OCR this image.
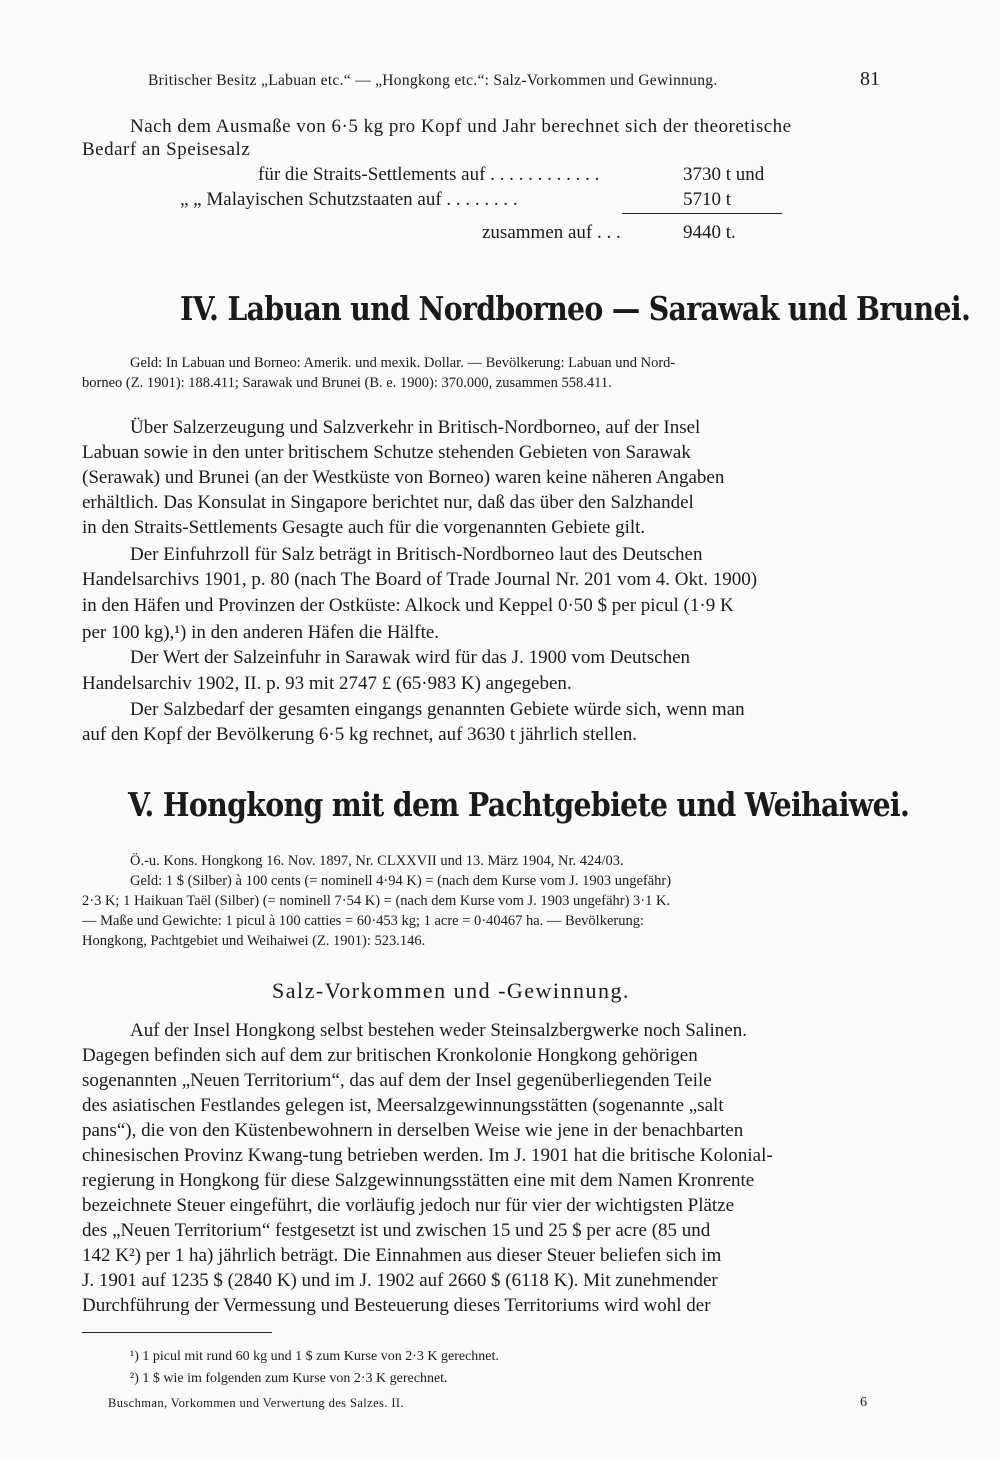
Britischer Besitz „Labuan etc.“ — „Hongkong etc.“: Salz-Vorkommen und Gewinnung.	81
Nach dem Ausmaße von 6·5 kg pro Kopf und Jahr berechnet sich der theoretische
Bedarf an Speisesalz
für die Straits-Settlements auf . . . . . . . . . . . .	3730 t und
„ „ Malayischen Schutzstaaten auf . . . . . . . .	5710 t
zusammen auf . . .	9440 t.
IV. Labuan und Nordborneo — Sarawak und Brunei.
Geld: In Labuan und Borneo: Amerik. und mexik. Dollar. — Bevölkerung: Labuan und Nord-
borneo (Z. 1901): 188.411; Sarawak und Brunei (B. e. 1900): 370.000, zusammen 558.411.
Über Salzerzeugung und Salzverkehr in Britisch-Nordborneo, auf der Insel
Labuan sowie in den unter britischem Schutze stehenden Gebieten von Sarawak
(Serawak) und Brunei (an der Westküste von Borneo) waren keine näheren Angaben
erhältlich. Das Konsulat in Singapore berichtet nur, daß das über den Salzhandel
in den Straits-Settlements Gesagte auch für die vorgenannten Gebiete gilt.
Der Einfuhrzoll für Salz beträgt in Britisch-Nordborneo laut des Deutschen
Handelsarchivs 1901, p. 80 (nach The Board of Trade Journal Nr. 201 vom 4. Okt. 1900)
in den Häfen und Provinzen der Ostküste: Alkock und Keppel 0·50 $ per picul (1·9 K
per 100 kg),¹) in den anderen Häfen die Hälfte.
Der Wert der Salzeinfuhr in Sarawak wird für das J. 1900 vom Deutschen
Handelsarchiv 1902, II. p. 93 mit 2747 £ (65·983 K) angegeben.
Der Salzbedarf der gesamten eingangs genannten Gebiete würde sich, wenn man
auf den Kopf der Bevölkerung 6·5 kg rechnet, auf 3630 t jährlich stellen.
V. Hongkong mit dem Pachtgebiete und Weihaiwei.
Ö.-u. Kons. Hongkong 16. Nov. 1897, Nr. CLXXVII und 13. März 1904, Nr. 424/03.
Geld: 1 $ (Silber) à 100 cents (= nominell 4·94 K) = (nach dem Kurse vom J. 1903 ungefähr)
2·3 K; 1 Haikuan Taël (Silber) (= nominell 7·54 K) = (nach dem Kurse vom J. 1903 ungefähr) 3·1 K.
— Maße und Gewichte: 1 picul à 100 catties = 60·453 kg; 1 acre = 0·40467 ha. — Bevölkerung:
Hongkong, Pachtgebiet und Weihaiwei (Z. 1901): 523.146.
Salz-Vorkommen und -Gewinnung.
Auf der Insel Hongkong selbst bestehen weder Steinsalzbergwerke noch Salinen.
Dagegen befinden sich auf dem zur britischen Kronkolonie Hongkong gehörigen
sogenannten „Neuen Territorium“, das auf dem der Insel gegenüberliegenden Teile
des asiatischen Festlandes gelegen ist, Meersalzgewinnungsstätten (sogenannte „salt
pans“), die von den Küstenbewohnern in derselben Weise wie jene in der benachbarten
chinesischen Provinz Kwang-tung betrieben werden. Im J. 1901 hat die britische Kolonial-
regierung in Hongkong für diese Salzgewinnungsstätten eine mit dem Namen Kronrente
bezeichnete Steuer eingeführt, die vorläufig jedoch nur für vier der wichtigsten Plätze
des „Neuen Territorium“ festgesetzt ist und zwischen 15 und 25 $ per acre (85 und
142 K²) per 1 ha) jährlich beträgt. Die Einnahmen aus dieser Steuer beliefen sich im
J. 1901 auf 1235 $ (2840 K) und im J. 1902 auf 2660 $ (6118 K). Mit zunehmender
Durchführung der Vermessung und Besteuerung dieses Territoriums wird wohl der
¹) 1 picul mit rund 60 kg und 1 $ zum Kurse von 2·3 K gerechnet.
²) 1 $ wie im folgenden zum Kurse von 2·3 K gerechnet.
Buschman, Vorkommen und Verwertung des Salzes. II.	6
